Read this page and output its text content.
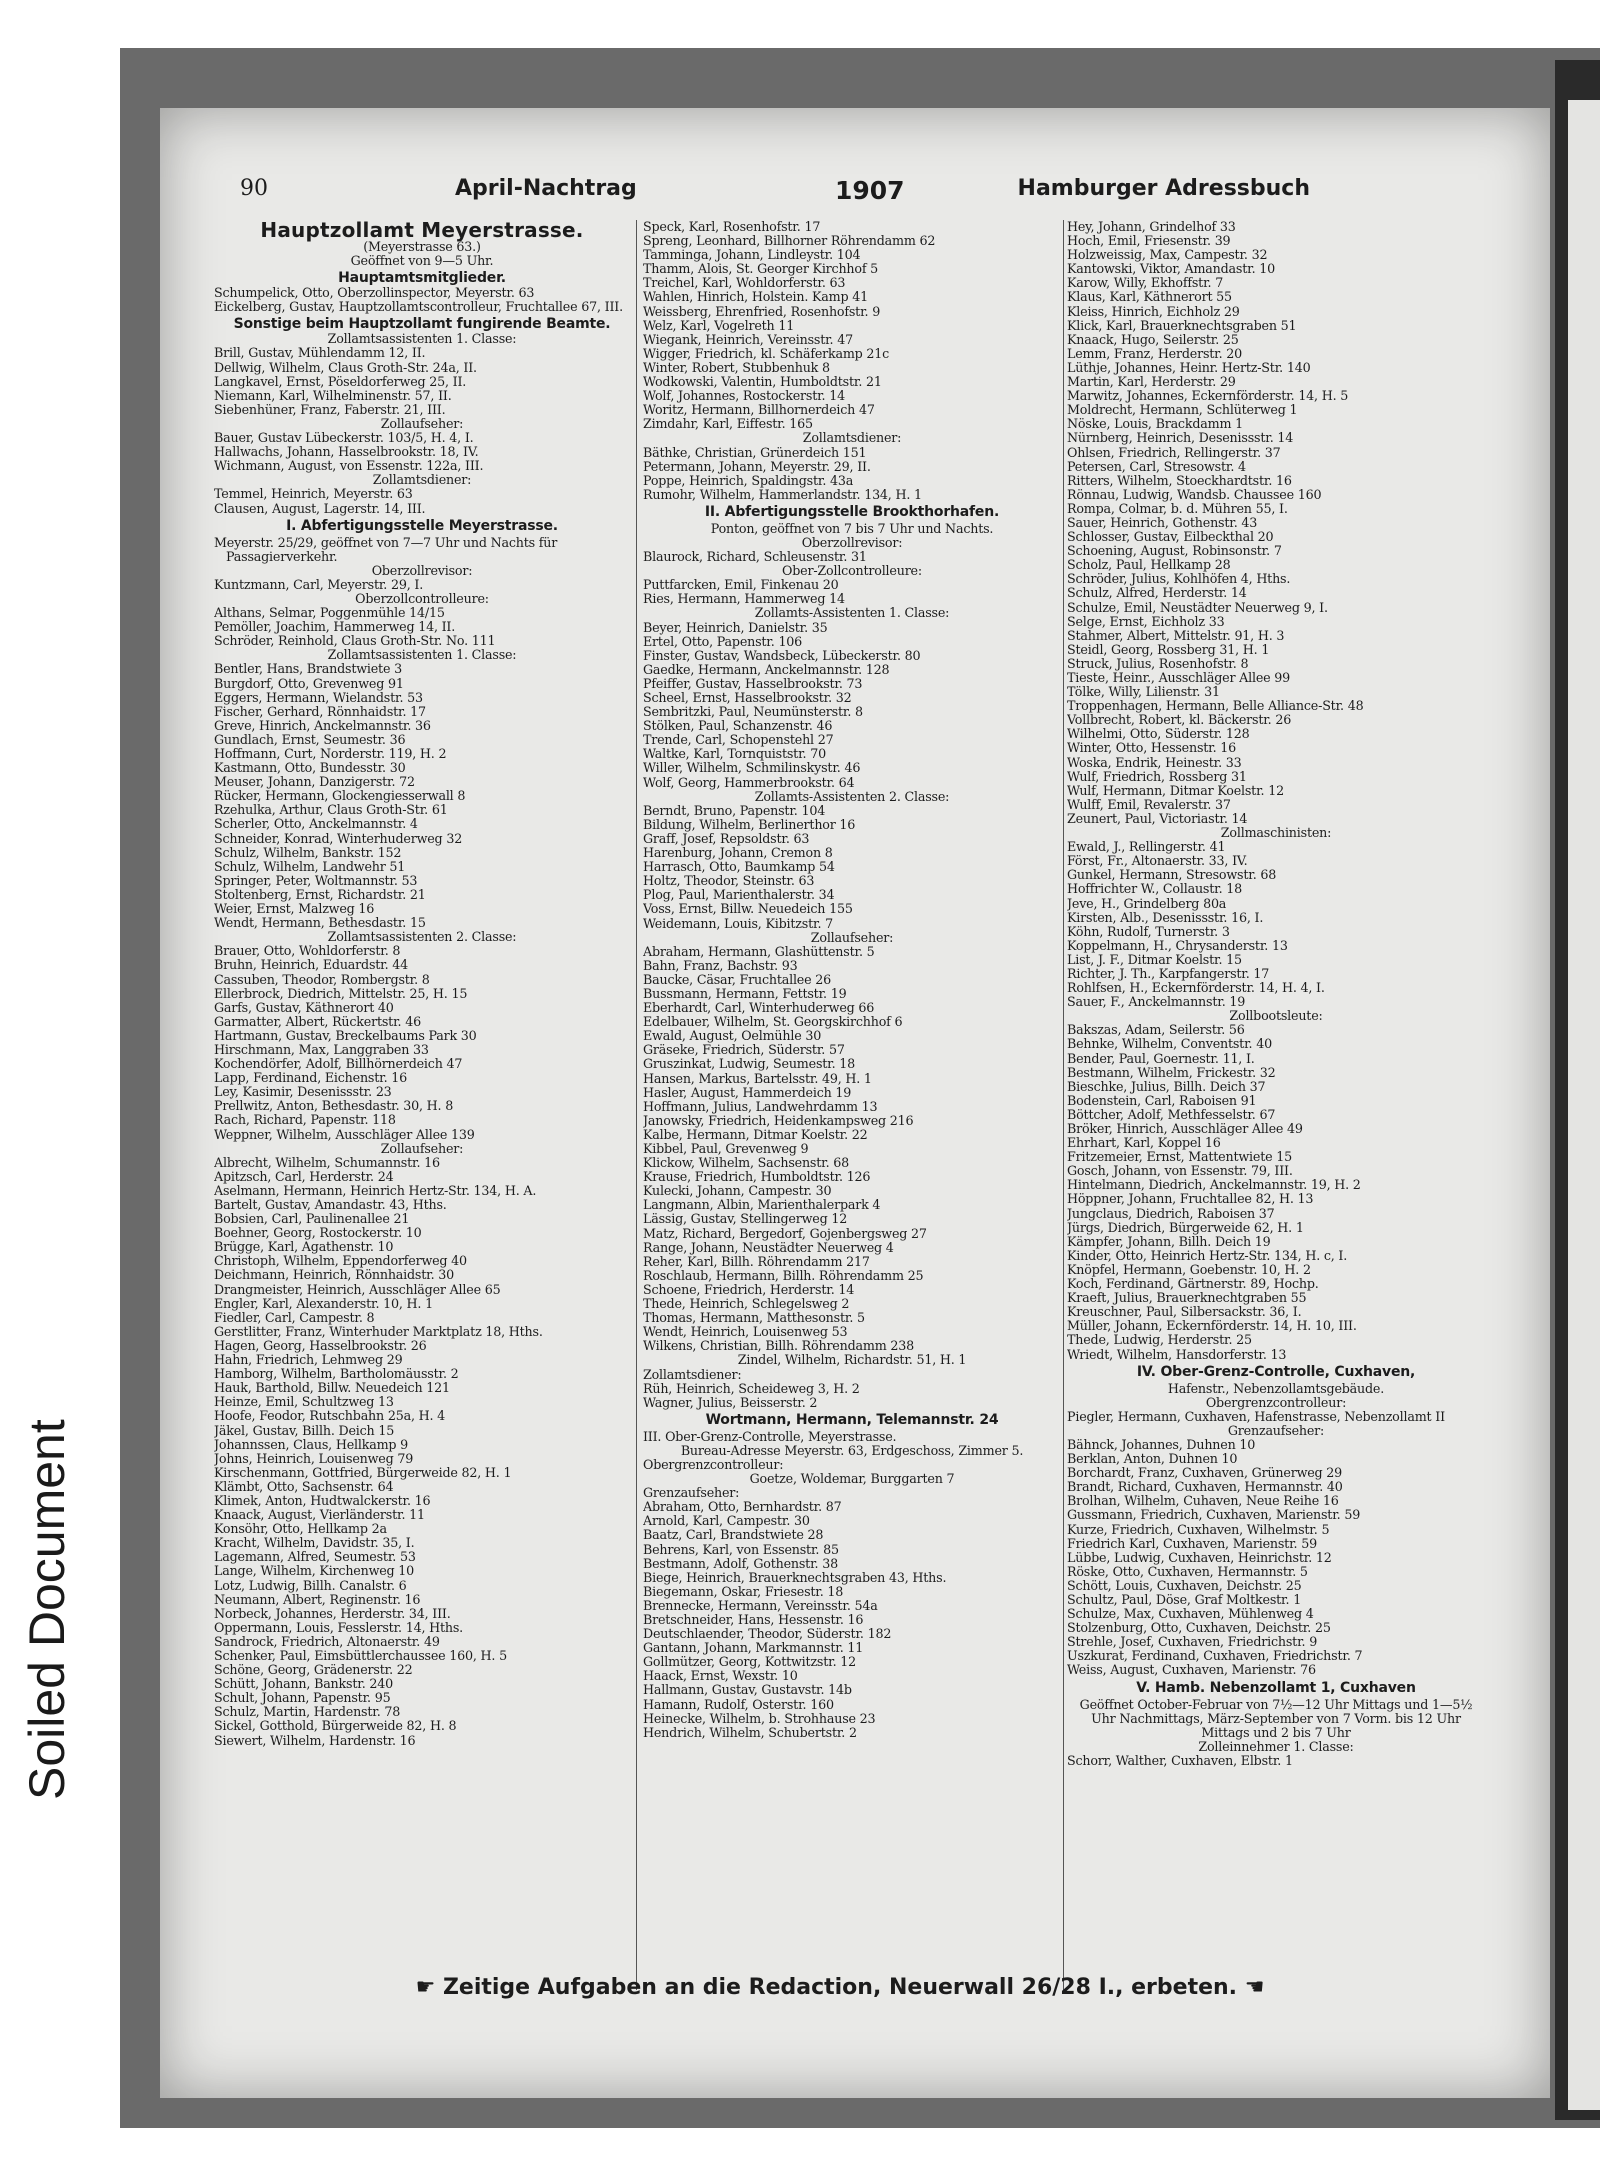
Soiled Document
90	April-Nachtrag	1907	Hamburger Adressbuch
Hauptzollamt Meyerstrasse.
(Meyerstrasse 63.)
Geöffnet von 9—5 Uhr.
Hauptamtsmitglieder.

Schumpelick, Otto, Oberzollinspector, Meyerstr. 63

Eickelberg, Gustav, Hauptzollamtscontrolleur, Fruchtallee 67, III.

Sonstige beim Hauptzollamt fungirende Beamte.
Zollamtsassistenten 1. Classe:

Brill, Gustav, Mühlendamm 12, II.

Dellwig, Wilhelm, Claus Groth-Str. 24a, II.

Langkavel, Ernst, Pöseldorferweg 25, II.

Niemann, Karl, Wilhelminenstr. 57, II.

Siebenhüner, Franz, Faberstr. 21, III.

Zollaufseher:

Bauer, Gustav Lübeckerstr. 103/5, H. 4, I.

Hallwachs, Johann, Hasselbrookstr. 18, IV.

Wichmann, August, von Essenstr. 122a, III.

Zollamtsdiener:

Temmel, Heinrich, Meyerstr. 63

Clausen, August, Lagerstr. 14, III.

I. Abfertigungsstelle Meyerstrasse.

Meyerstr. 25/29, geöffnet von 7—7 Uhr und Nachts für Passagierverkehr.

Oberzollrevisor:

Kuntzmann, Carl, Meyerstr. 29, I.

Oberzollcontrolleure:

Althans, Selmar, Poggenmühle 14/15

Pemöller, Joachim, Hammerweg 14, II.

Schröder, Reinhold, Claus Groth-Str. No. 111

Zollamtsassistenten 1. Classe:

Bentler, Hans, Brandstwiete 3

Burgdorf, Otto, Grevenweg 91

Eggers, Hermann, Wielandstr. 53

Fischer, Gerhard, Rönnhaidstr. 17

Greve, Hinrich, Anckelmannstr. 36

Gundlach, Ernst, Seumestr. 36

Hoffmann, Curt, Norderstr. 119, H. 2

Kastmann, Otto, Bundesstr. 30

Meuser, Johann, Danzigerstr. 72

Rücker, Hermann, Glockengiesserwall 8

Rzehulka, Arthur, Claus Groth-Str. 61

Scherler, Otto, Anckelmannstr. 4

Schneider, Konrad, Winterhuderweg 32

Schulz, Wilhelm, Bankstr. 152

Schulz, Wilhelm, Landwehr 51

Springer, Peter, Woltmannstr. 53

Stoltenberg, Ernst, Richardstr. 21

Weier, Ernst, Malzweg 16

Wendt, Hermann, Bethesdastr. 15

Zollamtsassistenten 2. Classe:

Brauer, Otto, Wohldorferstr. 8

Bruhn, Heinrich, Eduardstr. 44

Cassuben, Theodor, Rombergstr. 8

Ellerbrock, Diedrich, Mittelstr. 25, H. 15

Garfs, Gustav, Käthnerort 40

Garmatter, Albert, Rückertstr. 46

Hartmann, Gustav, Breckelbaums Park 30

Hirschmann, Max, Langgraben 33

Kochendörfer, Adolf, Billhörnerdeich 47

Lapp, Ferdinand, Eichenstr. 16

Ley, Kasimir, Desenissstr. 23

Prellwitz, Anton, Bethesdastr. 30, H. 8

Rach, Richard, Papenstr. 118

Weppner, Wilhelm, Ausschläger Allee 139

Zollaufseher:

Albrecht, Wilhelm, Schumannstr. 16

Apitzsch, Carl, Herderstr. 24

Aselmann, Hermann, Heinrich Hertz-Str. 134, H. A.

Bartelt, Gustav, Amandastr. 43, Hths.

Bobsien, Carl, Paulinenallee 21

Boehner, Georg, Rostockerstr. 10

Brügge, Karl, Agathenstr. 10

Christoph, Wilhelm, Eppendorferweg 40

Deichmann, Heinrich, Rönnhaidstr. 30

Drangmeister, Heinrich, Ausschläger Allee 65

Engler, Karl, Alexanderstr. 10, H. 1

Fiedler, Carl, Campestr. 8

Gerstlitter, Franz, Winterhuder Marktplatz 18, Hths.

Hagen, Georg, Hasselbrookstr. 26

Hahn, Friedrich, Lehmweg 29

Hamborg, Wilhelm, Bartholomäusstr. 2

Hauk, Barthold, Billw. Neuedeich 121

Heinze, Emil, Schultzweg 13

Hoofe, Feodor, Rutschbahn 25a, H. 4

Jäkel, Gustav, Billh. Deich 15

Johannssen, Claus, Hellkamp 9

Johns, Heinrich, Louisenweg 79

Kirschenmann, Gottfried, Bürgerweide 82, H. 1

Klämbt, Otto, Sachsenstr. 64

Klimek, Anton, Hudtwalckerstr. 16

Knaack, August, Vierländerstr. 11

Konsöhr, Otto, Hellkamp 2a

Kracht, Wilhelm, Davidstr. 35, I.

Lagemann, Alfred, Seumestr. 53

Lange, Wilhelm, Kirchenweg 10

Lotz, Ludwig, Billh. Canalstr. 6

Neumann, Albert, Reginenstr. 16

Norbeck, Johannes, Herderstr. 34, III.

Oppermann, Louis, Fesslerstr. 14, Hths.

Sandrock, Friedrich, Altonaerstr. 49

Schenker, Paul, Eimsbüttlerchaussee 160, H. 5

Schöne, Georg, Grädenerstr. 22

Schütt, Johann, Bankstr. 240

Schult, Johann, Papenstr. 95

Schulz, Martin, Hardenstr. 78

Sickel, Gotthold, Bürgerweide 82, H. 8

Siewert, Wilhelm, Hardenstr. 16

Speck, Karl, Rosenhofstr. 17

Spreng, Leonhard, Billhorner Röhrendamm 62

Tamminga, Johann, Lindleystr. 104

Thamm, Alois, St. Georger Kirchhof 5

Treichel, Karl, Wohldorferstr. 63

Wahlen, Hinrich, Holstein. Kamp 41

Weissberg, Ehrenfried, Rosenhofstr. 9

Welz, Karl, Vogelreth 11

Wiegank, Heinrich, Vereinsstr. 47

Wigger, Friedrich, kl. Schäferkamp 21c

Winter, Robert, Stubbenhuk 8

Wodkowski, Valentin, Humboldtstr. 21

Wolf, Johannes, Rostockerstr. 14

Woritz, Hermann, Billhornerdeich 47

Zimdahr, Karl, Eiffestr. 165

Zollamtsdiener:

Bäthke, Christian, Grünerdeich 151

Petermann, Johann, Meyerstr. 29, II.

Poppe, Heinrich, Spaldingstr. 43a

Rumohr, Wilhelm, Hammerlandstr. 134, H. 1

II. Abfertigungsstelle Brookthorhafen.
Ponton, geöffnet von 7 bis 7 Uhr und Nachts.
Oberzollrevisor:

Blaurock, Richard, Schleusenstr. 31

Ober-Zollcontrolleure:

Puttfarcken, Emil, Finkenau 20

Ries, Hermann, Hammerweg 14

Zollamts-Assistenten 1. Classe:

Beyer, Heinrich, Danielstr. 35

Ertel, Otto, Papenstr. 106

Finster, Gustav, Wandsbeck, Lübeckerstr. 80

Gaedke, Hermann, Anckelmannstr. 128

Pfeiffer, Gustav, Hasselbrookstr. 73

Scheel, Ernst, Hasselbrookstr. 32

Sembritzki, Paul, Neumünsterstr. 8

Stölken, Paul, Schanzenstr. 46

Trende, Carl, Schopenstehl 27

Waltke, Karl, Tornquiststr. 70

Willer, Wilhelm, Schmilinskystr. 46

Wolf, Georg, Hammerbrookstr. 64

Zollamts-Assistenten 2. Classe:

Berndt, Bruno, Papenstr. 104

Bildung, Wilhelm, Berlinerthor 16

Graff, Josef, Repsoldstr. 63

Harenburg, Johann, Cremon 8

Harrasch, Otto, Baumkamp 54

Holtz, Theodor, Steinstr. 63

Plog, Paul, Marienthalerstr. 34

Voss, Ernst, Billw. Neuedeich 155

Weidemann, Louis, Kibitzstr. 7

Zollaufseher:

Abraham, Hermann, Glashüttenstr. 5

Bahn, Franz, Bachstr. 93

Baucke, Cäsar, Fruchtallee 26

Bussmann, Hermann, Fettstr. 19

Eberhardt, Carl, Winterhuderweg 66

Edelbauer, Wilhelm, St. Georgskirchhof 6

Ewald, August, Oelmühle 30

Gräseke, Friedrich, Süderstr. 57

Gruszinkat, Ludwig, Seumestr. 18

Hansen, Markus, Bartelsstr. 49, H. 1

Hasler, August, Hammerdeich 19

Hoffmann, Julius, Landwehrdamm 13

Janowsky, Friedrich, Heidenkampsweg 216

Kalbe, Hermann, Ditmar Koelstr. 22

Kibbel, Paul, Grevenweg 9

Klickow, Wilhelm, Sachsenstr. 68

Krause, Friedrich, Humboldtstr. 126

Kulecki, Johann, Campestr. 30

Langmann, Albin, Marienthalerpark 4

Lässig, Gustav, Stellingerweg 12

Matz, Richard, Bergedorf, Gojenbergsweg 27

Range, Johann, Neustädter Neuerweg 4

Reher, Karl, Billh. Röhrendamm 217

Roschlaub, Hermann, Billh. Röhrendamm 25

Schoene, Friedrich, Herderstr. 14

Thede, Heinrich, Schlegelsweg 2

Thomas, Hermann, Matthesonstr. 5

Wendt, Heinrich, Louisenweg 53

Wilkens, Christian, Billh. Röhrendamm 238

Zindel, Wilhelm, Richardstr. 51, H. 1

Zollamtsdiener:

Rüh, Heinrich, Scheideweg 3, H. 2

Wagner, Julius, Beisserstr. 2

Wortmann, Hermann, Telemannstr. 24

III. Ober-Grenz-Controlle, Meyerstrasse.

Bureau-Adresse Meyerstr. 63, Erdgeschoss, Zimmer 5.

Obergrenzcontrolleur:

Goetze, Woldemar, Burggarten 7

Grenzaufseher:

Abraham, Otto, Bernhardstr. 87

Arnold, Karl, Campestr. 30

Baatz, Carl, Brandstwiete 28

Behrens, Karl, von Essenstr. 85

Bestmann, Adolf, Gothenstr. 38

Biege, Heinrich, Brauerknechtsgraben 43, Hths.

Biegemann, Oskar, Friesestr. 18

Brennecke, Hermann, Vereinsstr. 54a

Bretschneider, Hans, Hessenstr. 16

Deutschlaender, Theodor, Süderstr. 182

Gantann, Johann, Markmannstr. 11

Gollmützer, Georg, Kottwitzstr. 12

Haack, Ernst, Wexstr. 10

Hallmann, Gustav, Gustavstr. 14b

Hamann, Rudolf, Osterstr. 160

Heinecke, Wilhelm, b. Strohhause 23

Hendrich, Wilhelm, Schubertstr. 2

Hey, Johann, Grindelhof 33

Hoch, Emil, Friesenstr. 39

Holzweissig, Max, Campestr. 32

Kantowski, Viktor, Amandastr. 10

Karow, Willy, Ekhoffstr. 7

Klaus, Karl, Käthnerort 55

Kleiss, Hinrich, Eichholz 29

Klick, Karl, Brauerknechtsgraben 51

Knaack, Hugo, Seilerstr. 25

Lemm, Franz, Herderstr. 20

Lüthje, Johannes, Heinr. Hertz-Str. 140

Martin, Karl, Herderstr. 29

Marwitz, Johannes, Eckernförderstr. 14, H. 5

Moldrecht, Hermann, Schlüterweg 1

Nöske, Louis, Brackdamm 1

Nürnberg, Heinrich, Desenissstr. 14

Ohlsen, Friedrich, Rellingerstr. 37

Petersen, Carl, Stresowstr. 4

Ritters, Wilhelm, Stoeckhardtstr. 16

Rönnau, Ludwig, Wandsb. Chaussee 160

Rompa, Colmar, b. d. Mühren 55, I.

Sauer, Heinrich, Gothenstr. 43

Schlosser, Gustav, Eilbeckthal 20

Schoening, August, Robinsonstr. 7

Scholz, Paul, Hellkamp 28

Schröder, Julius, Kohlhöfen 4, Hths.

Schulz, Alfred, Herderstr. 14

Schulze, Emil, Neustädter Neuerweg 9, I.

Selge, Ernst, Eichholz 33

Stahmer, Albert, Mittelstr. 91, H. 3

Steidl, Georg, Rossberg 31, H. 1

Struck, Julius, Rosenhofstr. 8

Tieste, Heinr., Ausschläger Allee 99

Tölke, Willy, Lilienstr. 31

Troppenhagen, Hermann, Belle Alliance-Str. 48

Vollbrecht, Robert, kl. Bäckerstr. 26

Wilhelmi, Otto, Süderstr. 128

Winter, Otto, Hessenstr. 16

Woska, Endrik, Heinestr. 33

Wulf, Friedrich, Rossberg 31

Wulf, Hermann, Ditmar Koelstr. 12

Wulff, Emil, Revalerstr. 37

Zeunert, Paul, Victoriastr. 14

Zollmaschinisten:

Ewald, J., Rellingerstr. 41

Först, Fr., Altonaerstr. 33, IV.

Gunkel, Hermann, Stresowstr. 68

Hoffrichter W., Collaustr. 18

Jeve, H., Grindelberg 80a

Kirsten, Alb., Desenissstr. 16, I.

Köhn, Rudolf, Turnerstr. 3

Koppelmann, H., Chrysanderstr. 13

List, J. F., Ditmar Koelstr. 15

Richter, J. Th., Karpfangerstr. 17

Rohlfsen, H., Eckernförderstr. 14, H. 4, I.

Sauer, F., Anckelmannstr. 19

Zollbootsleute:

Bakszas, Adam, Seilerstr. 56

Behnke, Wilhelm, Conventstr. 40

Bender, Paul, Goernestr. 11, I.

Bestmann, Wilhelm, Frickestr. 32

Bieschke, Julius, Billh. Deich 37

Bodenstein, Carl, Raboisen 91

Böttcher, Adolf, Methfesselstr. 67

Bröker, Hinrich, Ausschläger Allee 49

Ehrhart, Karl, Koppel 16

Fritzemeier, Ernst, Mattentwiete 15

Gosch, Johann, von Essenstr. 79, III.

Hintelmann, Diedrich, Anckelmannstr. 19, H. 2

Höppner, Johann, Fruchtallee 82, H. 13

Jungclaus, Diedrich, Raboisen 37

Jürgs, Diedrich, Bürgerweide 62, H. 1

Kämpfer, Johann, Billh. Deich 19

Kinder, Otto, Heinrich Hertz-Str. 134, H. c, I.

Knöpfel, Hermann, Goebenstr. 10, H. 2

Koch, Ferdinand, Gärtnerstr. 89, Hochp.

Kraeft, Julius, Brauerknechtgraben 55

Kreuschner, Paul, Silbersackstr. 36, I.

Müller, Johann, Eckernförderstr. 14, H. 10, III.

Thede, Ludwig, Herderstr. 25

Wriedt, Wilhelm, Hansdorferstr. 13

IV. Ober-Grenz-Controlle, Cuxhaven,
Hafenstr., Nebenzollamtsgebäude.
Obergrenzcontrolleur:

Piegler, Hermann, Cuxhaven, Hafenstrasse, Nebenzollamt II

Grenzaufseher:

Bähnck, Johannes, Duhnen 10

Berklan, Anton, Duhnen 10

Borchardt, Franz, Cuxhaven, Grünerweg 29

Brandt, Richard, Cuxhaven, Hermannstr. 40

Brolhan, Wilhelm, Cuhaven, Neue Reihe 16

Gussmann, Friedrich, Cuxhaven, Marienstr. 59

Kurze, Friedrich, Cuxhaven, Wilhelmstr. 5

Friedrich Karl, Cuxhaven, Marienstr. 59

Lübbe, Ludwig, Cuxhaven, Heinrichstr. 12

Röske, Otto, Cuxhaven, Hermannstr. 5

Schött, Louis, Cuxhaven, Deichstr. 25

Schultz, Paul, Döse, Graf Moltkestr. 1

Schulze, Max, Cuxhaven, Mühlenweg 4

Stolzenburg, Otto, Cuxhaven, Deichstr. 25

Strehle, Josef, Cuxhaven, Friedrichstr. 9

Uszkurat, Ferdinand, Cuxhaven, Friedrichstr. 7

Weiss, August, Cuxhaven, Marienstr. 76

V. Hamb. Nebenzollamt 1, Cuxhaven

Geöffnet October-Februar von 7½—12 Uhr Mittags und 1—5½ Uhr Nachmittags, März-September von 7 Vorm. bis 12 Uhr Mittags und 2 bis 7 Uhr

Zolleinnehmer 1. Classe:

Schorr, Walther, Cuxhaven, Elbstr. 1

☛ Zeitige Aufgaben an die Redaction, Neuerwall 26/28 I., erbeten. ☚
